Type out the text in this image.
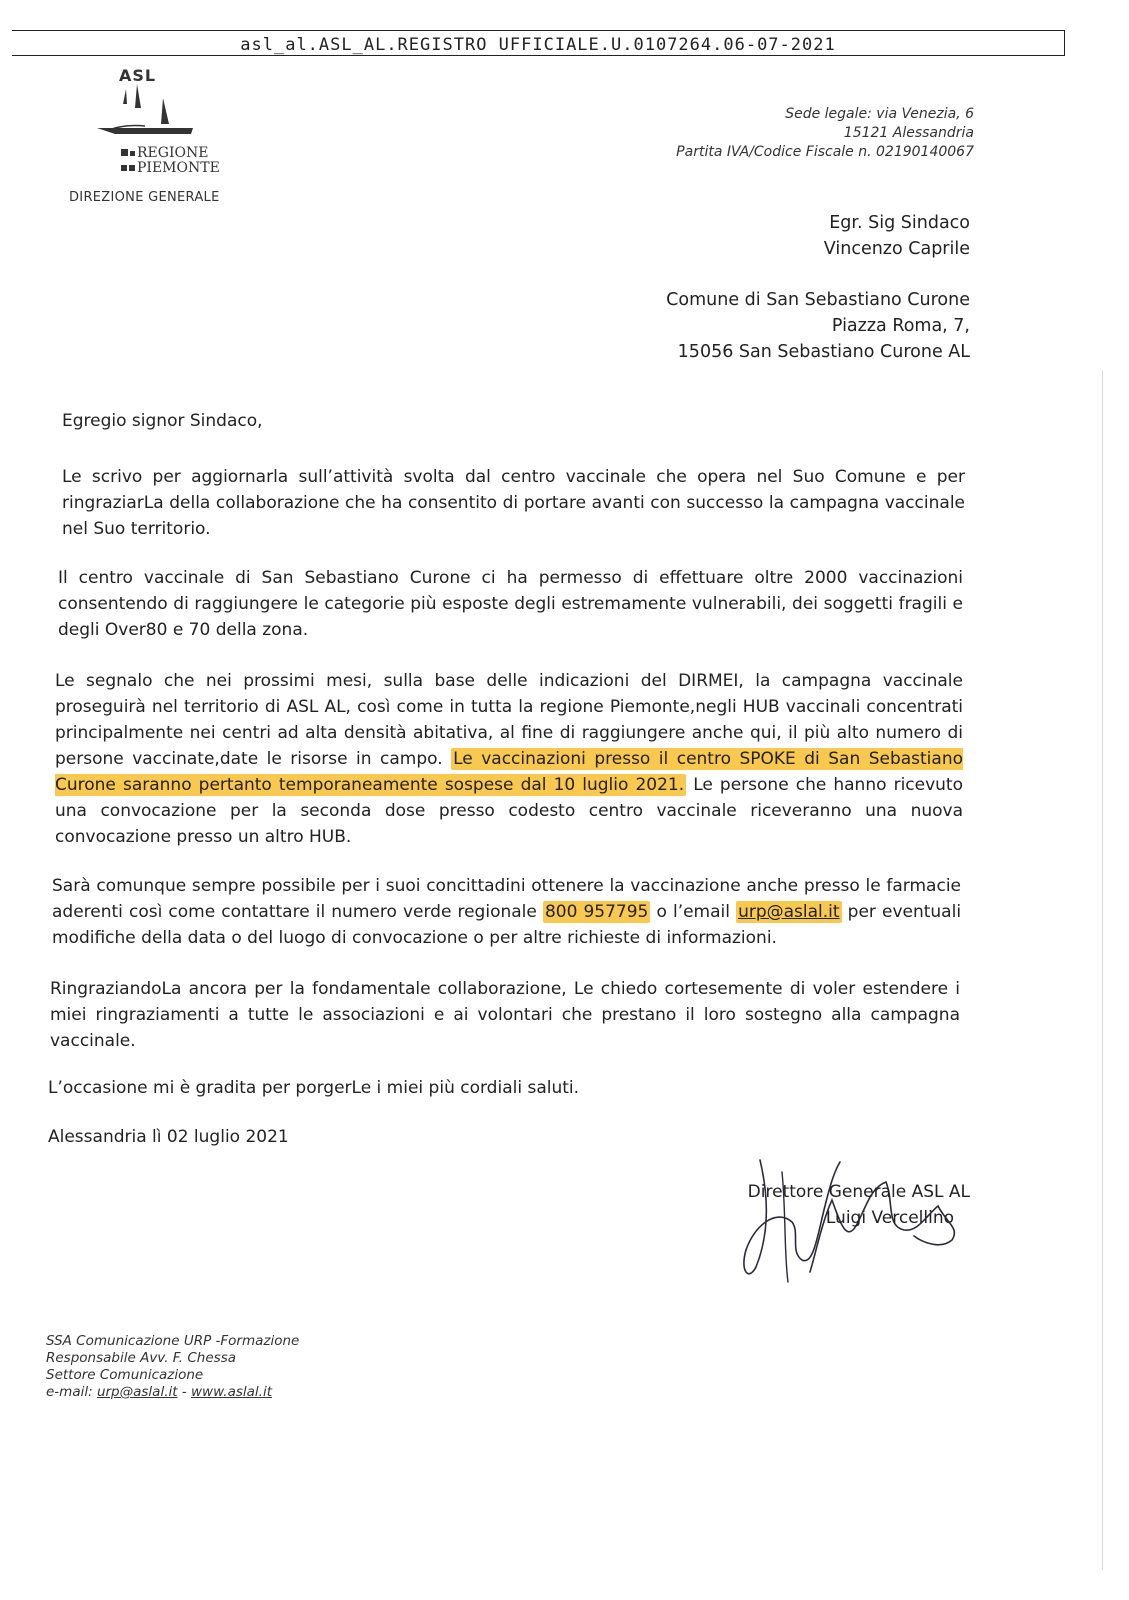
asl_al.ASL_AL.REGISTRO UFFICIALE.U.0107264.06-07-2021
ASL
REGIONE
PIEMONTE
DIREZIONE GENERALE
Sede legale: via Venezia, 6
15121 Alessandria
Partita IVA/Codice Fiscale n. 02190140067
Egr. Sig Sindaco
Vincenzo Caprile
Comune di San Sebastiano Curone
Piazza Roma, 7,
15056 San Sebastiano Curone AL
Egregio signor Sindaco,
Le scrivo per aggiornarla sull’attività svolta dal centro vaccinale che opera nel Suo Comune e per ringraziarLa della collaborazione che ha consentito di portare avanti con successo la campagna vaccinale nel Suo territorio.
Il centro vaccinale di San Sebastiano Curone ci ha permesso di effettuare oltre 2000 vaccinazioni consentendo di raggiungere le categorie più esposte degli estremamente vulnerabili, dei soggetti fragili e degli Over80 e 70 della zona.
Le segnalo che nei prossimi mesi, sulla base delle indicazioni del DIRMEI, la campagna vaccinale proseguirà nel territorio di ASL AL, così come in tutta la regione Piemonte,negli HUB vaccinali concentrati principalmente nei centri ad alta densità abitativa, al fine di raggiungere anche qui, il più alto numero di persone vaccinate,date le risorse in campo. Le vaccinazioni presso il centro SPOKE di San Sebastiano Curone saranno pertanto temporaneamente sospese dal 10 luglio 2021. Le persone che hanno ricevuto una convocazione per la seconda dose presso codesto centro vaccinale riceveranno una nuova convocazione presso un altro HUB.
Sarà comunque sempre possibile per i suoi concittadini ottenere la vaccinazione anche presso le farmacie aderenti così come contattare il numero verde regionale 800 957795 o l’email urp@aslal.it per eventuali modifiche della data o del luogo di convocazione o per altre richieste di informazioni.
RingraziandoLa ancora per la fondamentale collaborazione, Le chiedo cortesemente di voler estendere i miei ringraziamenti a tutte le associazioni e ai volontari che prestano il loro sostegno alla campagna vaccinale.
L’occasione mi è gradita per porgerLe i miei più cordiali saluti.
Alessandria lì 02 luglio 2021
Direttore Generale ASL AL
Luigi Vercellino
SSA Comunicazione URP -Formazione
Responsabile Avv. F. Chessa
Settore Comunicazione
e-mail: urp@aslal.it - www.aslal.it
